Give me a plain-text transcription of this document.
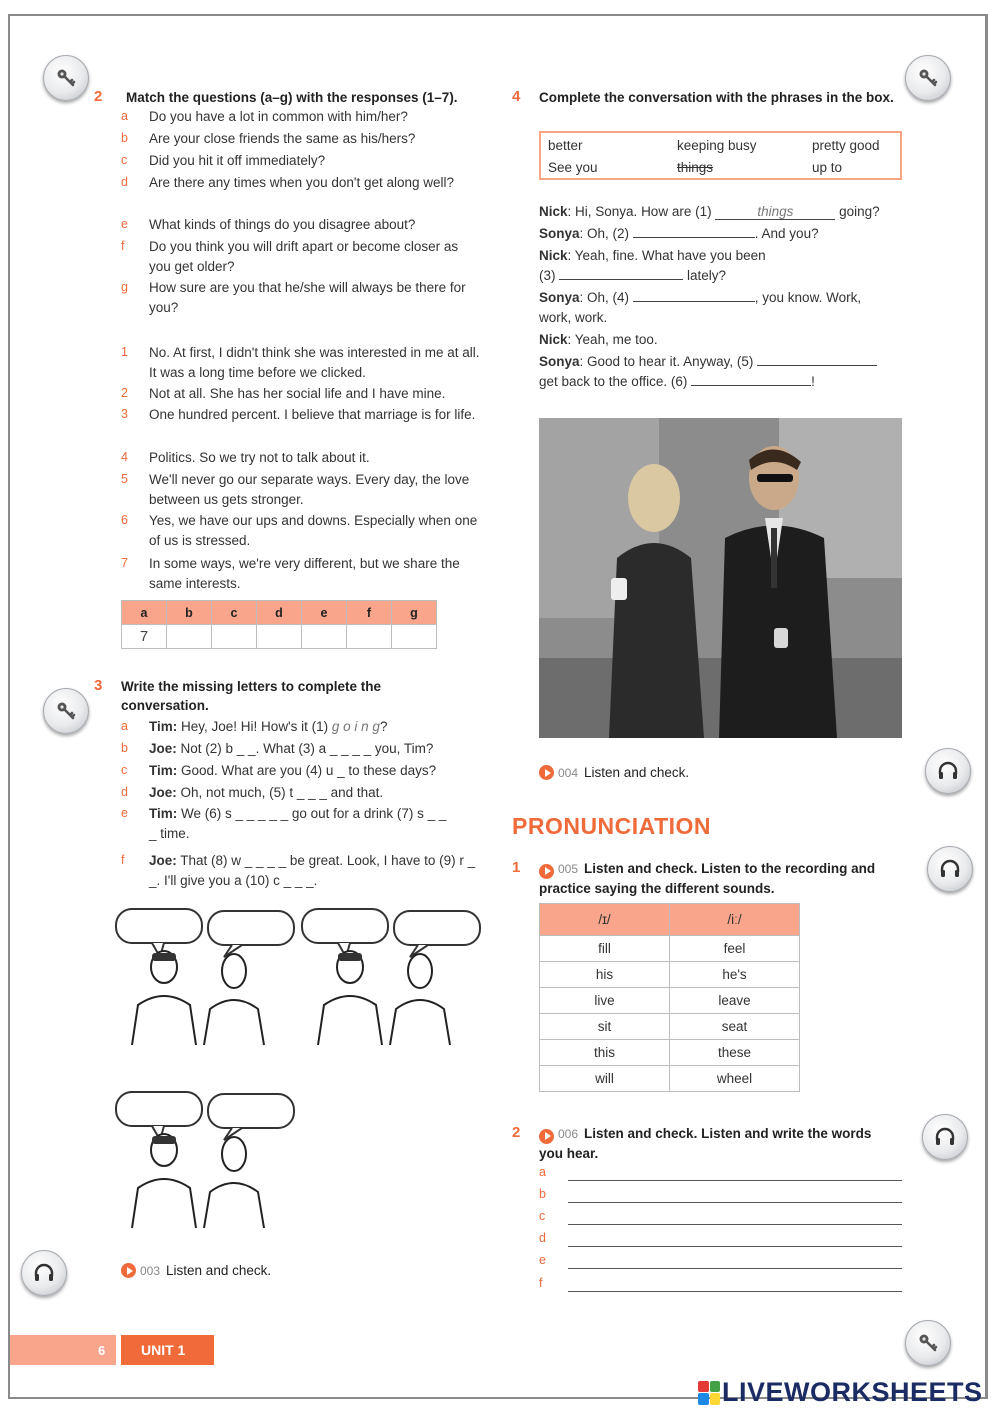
2 Match the questions (a–g) with the responses (1–7).
a	Do you have a lot in common with him/her?
b	Are your close friends the same as his/hers?
c	Did you hit it off immediately?
d	Are there any times when you don't get along well?
e	What kinds of things do you disagree about?
f	Do you think you will drift apart or become closer as you get older?
g	How sure are you that he/she will always be there for you?
1	No. At first, I didn't think she was interested in me at all. It was a long time before we clicked.
2	Not at all. She has her social life and I have mine.
3	One hundred percent. I believe that marriage is for life.
4	Politics. So we try not to talk about it.
5	We'll never go our separate ways. Every day, the love between us gets stronger.
6	Yes, we have our ups and downs. Especially when one of us is stressed.
7	In some ways, we're very different, but we share the same interests.
a	b	c	d	e	f	g
7						
3 Write the missing letters to complete the conversation.
a	Tim: Hey, Joe! Hi! How's it (1) g o i n g?
b	Joe: Not (2) b _ _. What (3) a _ _ _ _ you, Tim?
c	Tim: Good. What are you (4) u _ to these days?
d	Joe: Oh, not much, (5) t _ _ _ and that.
e	Tim: We (6) s _ _ _ _ _ go out for a drink (7) s _ _ _ time.
f	Joe: That (8) w _ _ _ _ be great. Look, I have to (9) r _ _. I'll give you a (10) c _ _ _.
003 Listen and check.
4 Complete the conversation with the phrases in the box.
better	keeping busy	pretty good
See you	things	up to
Nick: Hi, Sonya. How are (1)	things	going?
Sonya: Oh, (2)	. And you?
Nick: Yeah, fine. What have you been
(3)	lately?
Sonya: Oh, (4)	, you know. Work,
work, work.
Nick: Yeah, me too.
Sonya: Good to hear it. Anyway, (5)
get back to the office. (6)	!
004 Listen and check.
PRONUNCIATION
1	005 Listen and check. Listen to the recording and
practice saying the different sounds.
/ɪ/	/iː/
fill	feel
his	he's
live	leave
sit	seat
this	these
will	wheel
2	006 Listen and check. Listen and write the words
you hear.
a
b
c
d
e
f
6	UNIT 1
LIVEWORKSHEETS
